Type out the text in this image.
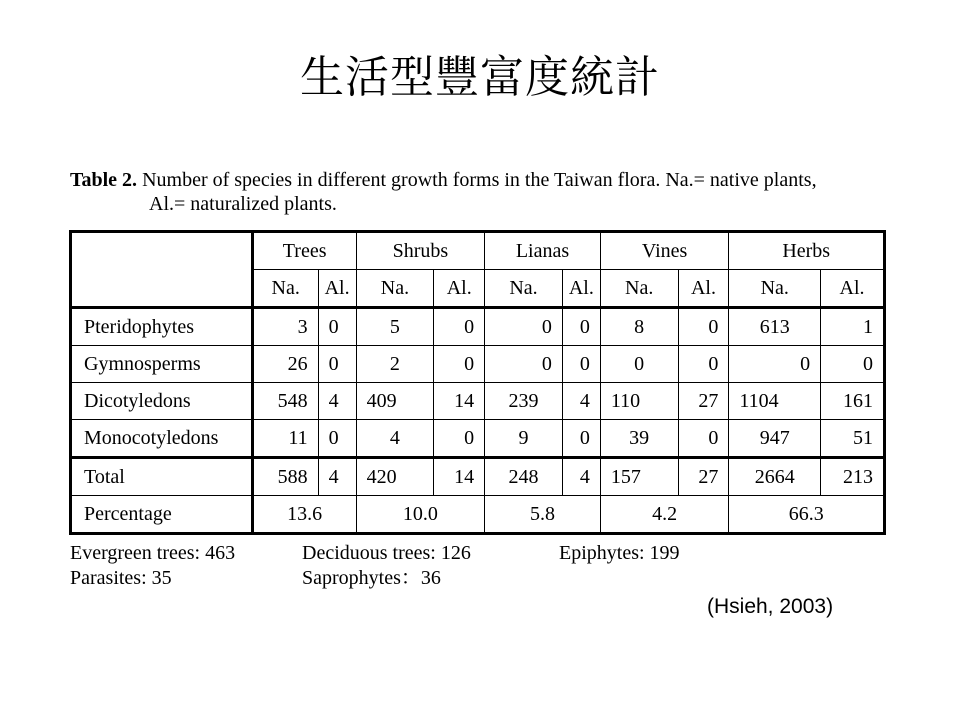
生活型豐富度統計
Table 2. Number of species in different growth forms in the Taiwan flora. Na.= native plants,
Al.= naturalized plants.
	Trees		Shrubs		Lianas		Vines		Herbs	
	Na.	Al.	Na.	Al.	Na.	Al.	Na.	Al.	Na.	Al.
Pteridophytes	3	0	5	0	0	0	8	0	613	1
Gymnosperms	26	0	2	0	0	0	0	0	0	0
Dicotyledons	548	4	409	14	239	4	110	27	1104	161
Monocotyledons	11	0	4	0	9	0	39	0	947	51
Total	588	4	420	14	248	4	157	27	2664	213
Percentage	13.6		10.0		5.8		4.2		66.3	
Evergreen trees: 463	Deciduous trees: 126	Epiphytes: 199
Parasites: 35	Saprophytes：36
(Hsieh, 2003)
